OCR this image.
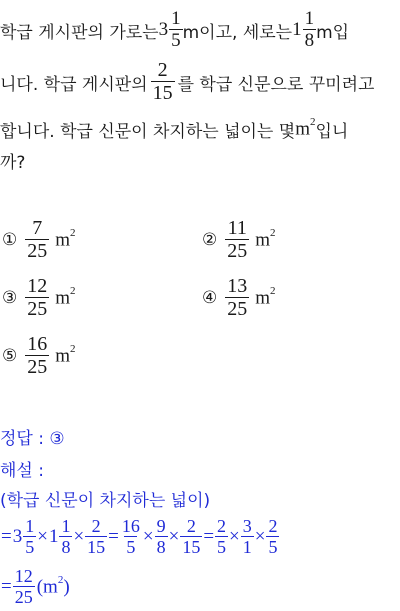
학급 게시판의 가로는 $3 \frac{1}{5}$ m이고, 세로는 $1 \frac{1}{8}$ m입
니다. 학급 게시판의 $\frac{2}{15}$ 를 학급 신문으로 꾸미려고
합니다. 학급 신문이 차지하는 넓이는 몇 $m^2$ 입니
까?
① $\frac{7}{25} m^2$	② $\frac{11}{25} m^2$
③ $\frac{12}{25} m^2$	④ $\frac{13}{25} m^2$
⑤ $\frac{16}{25} m^2$
정답 : ③
해설 :
(학급 신문이 차지하는 넓이)
= $3 \frac{1}{5} \times 1 \frac{1}{8} \times \frac{2}{15} = \frac{16}{5} \times \frac{9}{8} \times \frac{2}{15} = \frac{2}{5} \times \frac{3}{1} \times \frac{2}{5}$
= $\frac{12}{25} (m^2)$
